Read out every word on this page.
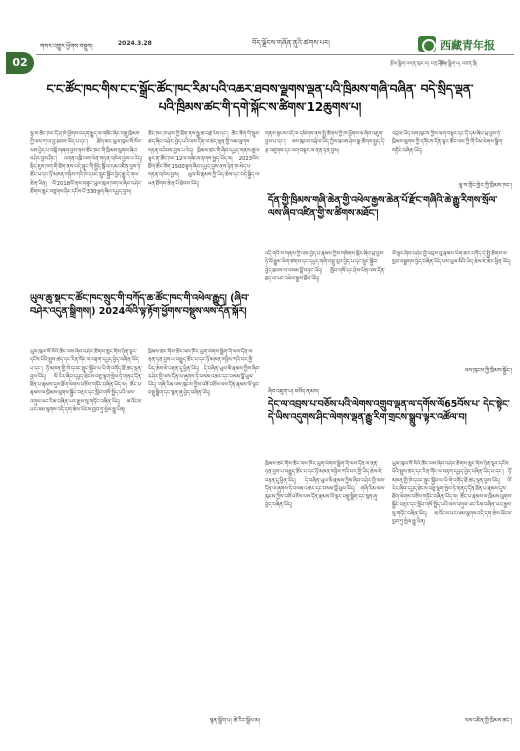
02
གསར་འགྱུར་ཕྱོགས་བསྡུས།	2024.3.28	བོད་ལྗོངས་གཞོན་ནུའི་ཚགས་པར།	西藏青年报
རྩོམ་སྒྲིག་འགན་ཁུར་བ། བཀྲ་ཤིས།
རྩོམ་སྒྲིག་པ། བཙན་ཁྲི།
ང་ང་ཚོང་ཁང་གིས་ང་ང་སྒྲོང་ཚོང་ཁང་རིམ་པའི་འཆར་ཐབས་ལྗགས་ལྡན་པའི་ཁྲིམས་གཞི་བཞིན་ བདེ་སྲིད་ལྡན་པའི་ཁྲིམས་ཚང་གི་དགེ་སྐོང་ས་ཚིགས་12ཆུགས་པ།
ལྷ་ས་ཚོང་ཁང་དོ་ཤ་ཁེ་ཕྱོགས་བདག་རྒྱུད་ལ་གཟོང་ཞིང་བསྡུ་ཁྲིམས་ཀྱི་ལས་ཀ་ལ་བྱ་ཐབས་ཡོད་པ་དང་། ཐོག་མར་ཡུལ་ཁུལ་སོ་སོར་ལས་བྱེད་པ་བསྐོ་གཞག་བྱས་ནས་ཚོང་ཁང་གི་ཁྲིམས་ལུགས་ཞིབ་བཤེར་བྱས་ཤིང་། འགན་འཁྲི་ལག་ལེན་གཏན་འཁེལ་བྱས་པ་རེད། སྲིད་ཇུས་ཁག་གི་ཐོག་ནས་བདེ་སྲུང་གི་སྤྱོད་སྒོ་ལ་དམ་འཛིན་བྱས་ཏེ་ཚོང་པ་དང་ཉོ་མཁན་གཉིས་ཀའི་ཁེ་དབང་སྲུང་སྐྱོབ་བྱེད་རྒྱུ་དེ་གལ་ཆེན་ཡིན། ལོ་2018ལོ་ནས་བཟུང་ཡུལ་ཁུལ་ཁག་ལ་ཞིབ་བཤེར་ཚོགས་ཆུང་བཙུགས་ཤིང་དངོས་པོ་330ལྷག་ཞིབ་དཔྱད་བྱས།
ཚོང་ཁང་ཁ་ཤས་ཀྱི་ཐོག་ནས་རྒྱུ་ཆ་བརྗེ་རེས་དང་། ཚོང་ཟོག་གི་སྤུས་ཚད་ཞིབ་བཤེར་བྱེད་པའི་ལས་དོན་ལ་ཚད་ལྡན་གྱི་ལམ་ལུགས་གཏན་འབེབས་བྱས་པ་རེད། ཁྲིམས་ཚང་གི་ཞིབ་དཔྱད་གནས་ཚུལ་ལྟར་ན་ཚོང་ཁང་12ལ་གཟེངས་རྟགས་སྤྲད་ཡོད་ལ། 2023ལོར་ཐོག་ཚོང་ཟོག་1500ལྷག་ཞིབ་དཔྱད་བྱས་ནས་ཉེན་ཁ་མེད་པ་གཏན་འཁེལ་བྱས། ཡུལ་མི་རྣམས་ཀྱི་ཡིད་ཆེས་དང་བདེ་སྐྱིད་ལ་ཕན་ཐོགས་ཆེན་པོ་ཐེབས་ཡོད།
གནས་སྟངས་འདི་ལ་དམིགས་ནས་སྤྱི་ཚོགས་ཀྱི་ཁ་ཕྱོགས་ལ་ཞིབ་འཇུག་བྱས་པ་དང་། ལས་ཁུངས་འབྲེལ་ཡོད་ཀྱིས་ཐབས་ཤེས་སྣ་ཚོགས་སྤྱད་དེ་རྩ་འཛུགས་དང་ལག་བསྟར་ལ་ནན་ཏན་བྱས།
འབྲེལ་ཡོད་ལས་ཁུངས་ཀྱིས་ལག་བསྟར་དང་དོ་དམ་ཞིབ་ཕྲ་བྱས་ཏེ་ཁྲིམས་ལུགས་ཀྱི་དགོངས་དོན་ལྟར་ཚོང་ལས་ཀྱི་གོ་རིམ་ལེགས་སྒྲིག་གཏོང་བཞིན་ཡོད།
ལྷ་ས་གྲོང་ཁྱེར་ཀྱི་ཁྲིམས་ཁང་།
དོན་གྱི་ཁྲིམས་གཞི་ཆེན་གྱི་འཕེལ་རྒྱས་ཆེན་པོ་རྫོང་གཞིའི་ཆེ་རྒྱུ་རིགས་སྲོལ་ལས་ཞིབ་འཛིན་གྱི་ས་ཚིགས་མཐོང་།
འདི་གའི་ས་གནས་ཀྱི་ལས་བྱེད་པ་རྣམས་ཀྱིས་གཟིགས་སྐོར་ཞིབ་ཕྲ་བྱས་ཏེ་ལོ་རྒྱུས་ཡིག་ཚགས་དང་དཔྱད་གཞི་བསྡུ་རུབ་བྱེད་པ་དང་སྲུང་སྐྱོབ་བྱེད་ཐབས་ལ་བསམ་བློ་བཏང་ཡོད། སློབ་གསོ་དང་ཤེས་ཡོན་ལས་དོན་ཐད་ལ་ཡང་འཕེལ་རྒྱས་ཐོབ་ཡོད།
ལོ་ལྟར་ཞིབ་བཤེར་གྱི་འབྲས་བུ་རྣམས་ཡིག་ཆར་བཀོད་དེ་སྤྱི་ཚོགས་ལ་ཁྱབ་བསྒྲགས་བྱེད་བཞིན་ཡོད་པས་ཡུལ་མིའི་ཡིད་ཆེས་ཇེ་ཆེར་ཕྱིན་ཡོད།
ལས་ཁུངས་ཀྱི་ཁྲིམས་སྐྱོང་།
ཞིབ་འཇུག་པ། བསོད་ནམས།
དེང་ལ་འབྲས་པ་བཅོས་པའི་ལེགས་འགྲུབ་ལྡན་ལ་དགོས་ལོ65བོས་པ་ དེང་སྟེང་དེ་ཡིས་འདུགས་ཤིང་ལེགས་ལྡན་རྒྱུ་རིག་གྲངས་སྒྲུབ་ལྟར་འཚོལ་བ།
ཡུལ་ཆུ་སྡང་ང་ཚོང་ཁང་སྲུང་གི་བཀོད་ཆ་ཚོང་ཁང་གི་འཕེལ་རྒྱུད། (ཞིབ་བཤེར་འདུན་སྒྲིགས།) 2024ལོའི་ལྟ་རྟོག་ཕྱོགས་བསྡུས་ལས་དོན་སྐོར།
ཡུལ་ཁུལ་སོ་སོའི་ཚོང་ལས་ཞིབ་བཤེར་ཚོགས་ཆུང་གིས་ཉིན་ལྟར་དངོས་པོའི་སྤུས་ཚད་དང་རིན་གོང་ལ་བརྟག་དཔྱད་བྱེད་བཞིན་ཡོད་པ་དང་། ཉོ་མཁན་གྱི་ཁེ་དབང་སྲུང་སྐྱོབ་ལ་ཡི་གེ་འགོད་ཐོ་ཚད་ལྡན་བྱས་ཡོད། ལོ་རེར་ཞིབ་དཔྱད་ཐེངས་བཅུ་ལྷག་སྤེལ་ཏེ་གནད་དོན་ཐོན་པ་རྣམས་དུས་ཐོག་ལེགས་བཅོས་གཏོང་བཞིན་ཡོད་ལ། ཚོང་པ་རྣམས་ལ་ཁྲིམས་ལུགས་སྦྱོང་བརྡར་དང་སློབ་གསོ་སྤྲོད་པའི་ལས་འགུལ་ཡང་རིམ་བཞིན་ཡར་རྒྱས་སུ་གཏོང་བཞིན་ཡོད། མ་འོངས་པར་ལམ་ལུགས་འདི་དག་ཆེས་ཡོངས་ཁྱབ་ཏུ་སྤེལ་རྒྱུ་ཡིན།
ཁྲིམས་ཚང་གིས་ཚོང་ལས་ཁོར་ཡུག་ལེགས་སྒྲིག་གི་ལས་དོན་ལ་ནན་ཏན་བྱས་པ་བརྒྱུད་ཚོང་པ་དང་ཉོ་མཁན་གཉིས་ཀའི་བར་གྱི་ཡིད་ཆེས་ཇེ་བརྟན་དུ་ཕྱིན་ཡོད། དེ་བཞིན་ཡུལ་མི་རྣམས་ཀྱིས་ཞིབ་བཤེར་གྱི་ལས་དོན་ལ་ཞུགས་ཏེ་བསམ་འཆར་དང་བསམ་བློ་ཕུལ་ཡོད། གཞི་རིམ་ལས་ཁུངས་ཀྱིས་བཟོ་བཅོས་ལས་དོན་རྣམས་ལོ་ལྟར་བསྡུ་སྒྲིག་དང་སྙན་ཞུ་བྱེད་བཞིན་ཡོད།
སྙན་སྒྲོག་པ། ཚེ་རིང་སྒྲོལ་མ།
ཁྲིམས་ཚང་གིས་ཚོང་ལས་ཁོར་ཡུག་ལེགས་སྒྲིག་གི་ལས་དོན་ལ་ནན་ཏན་བྱས་པ་བརྒྱུད་ཚོང་པ་དང་ཉོ་མཁན་གཉིས་ཀའི་བར་གྱི་ཡིད་ཆེས་ཇེ་བརྟན་དུ་ཕྱིན་ཡོད། དེ་བཞིན་ཡུལ་མི་རྣམས་ཀྱིས་ཞིབ་བཤེར་གྱི་ལས་དོན་ལ་ཞུགས་ཏེ་བསམ་འཆར་དང་བསམ་བློ་ཕུལ་ཡོད། གཞི་རིམ་ལས་ཁུངས་ཀྱིས་བཟོ་བཅོས་ལས་དོན་རྣམས་ལོ་ལྟར་བསྡུ་སྒྲིག་དང་སྙན་ཞུ་བྱེད་བཞིན་ཡོད།
ཡུལ་ཁུལ་སོ་སོའི་ཚོང་ལས་ཞིབ་བཤེར་ཚོགས་ཆུང་གིས་ཉིན་ལྟར་དངོས་པོའི་སྤུས་ཚད་དང་རིན་གོང་ལ་བརྟག་དཔྱད་བྱེད་བཞིན་ཡོད་པ་དང་། ཉོ་མཁན་གྱི་ཁེ་དབང་སྲུང་སྐྱོབ་ལ་ཡི་གེ་འགོད་ཐོ་ཚད་ལྡན་བྱས་ཡོད། ལོ་རེར་ཞིབ་དཔྱད་ཐེངས་བཅུ་ལྷག་སྤེལ་ཏེ་གནད་དོན་ཐོན་པ་རྣམས་དུས་ཐོག་ལེགས་བཅོས་གཏོང་བཞིན་ཡོད་ལ། ཚོང་པ་རྣམས་ལ་ཁྲིམས་ལུགས་སྦྱོང་བརྡར་དང་སློབ་གསོ་སྤྲོད་པའི་ལས་འགུལ་ཡང་རིམ་བཞིན་ཡར་རྒྱས་སུ་གཏོང་བཞིན་ཡོད། མ་འོངས་པར་ལམ་ལུགས་འདི་དག་ཆེས་ཡོངས་ཁྱབ་ཏུ་སྤེལ་རྒྱུ་ཡིན།
ལས་འཛིན་གྱི་ཁྲིམས་ཚང་།
